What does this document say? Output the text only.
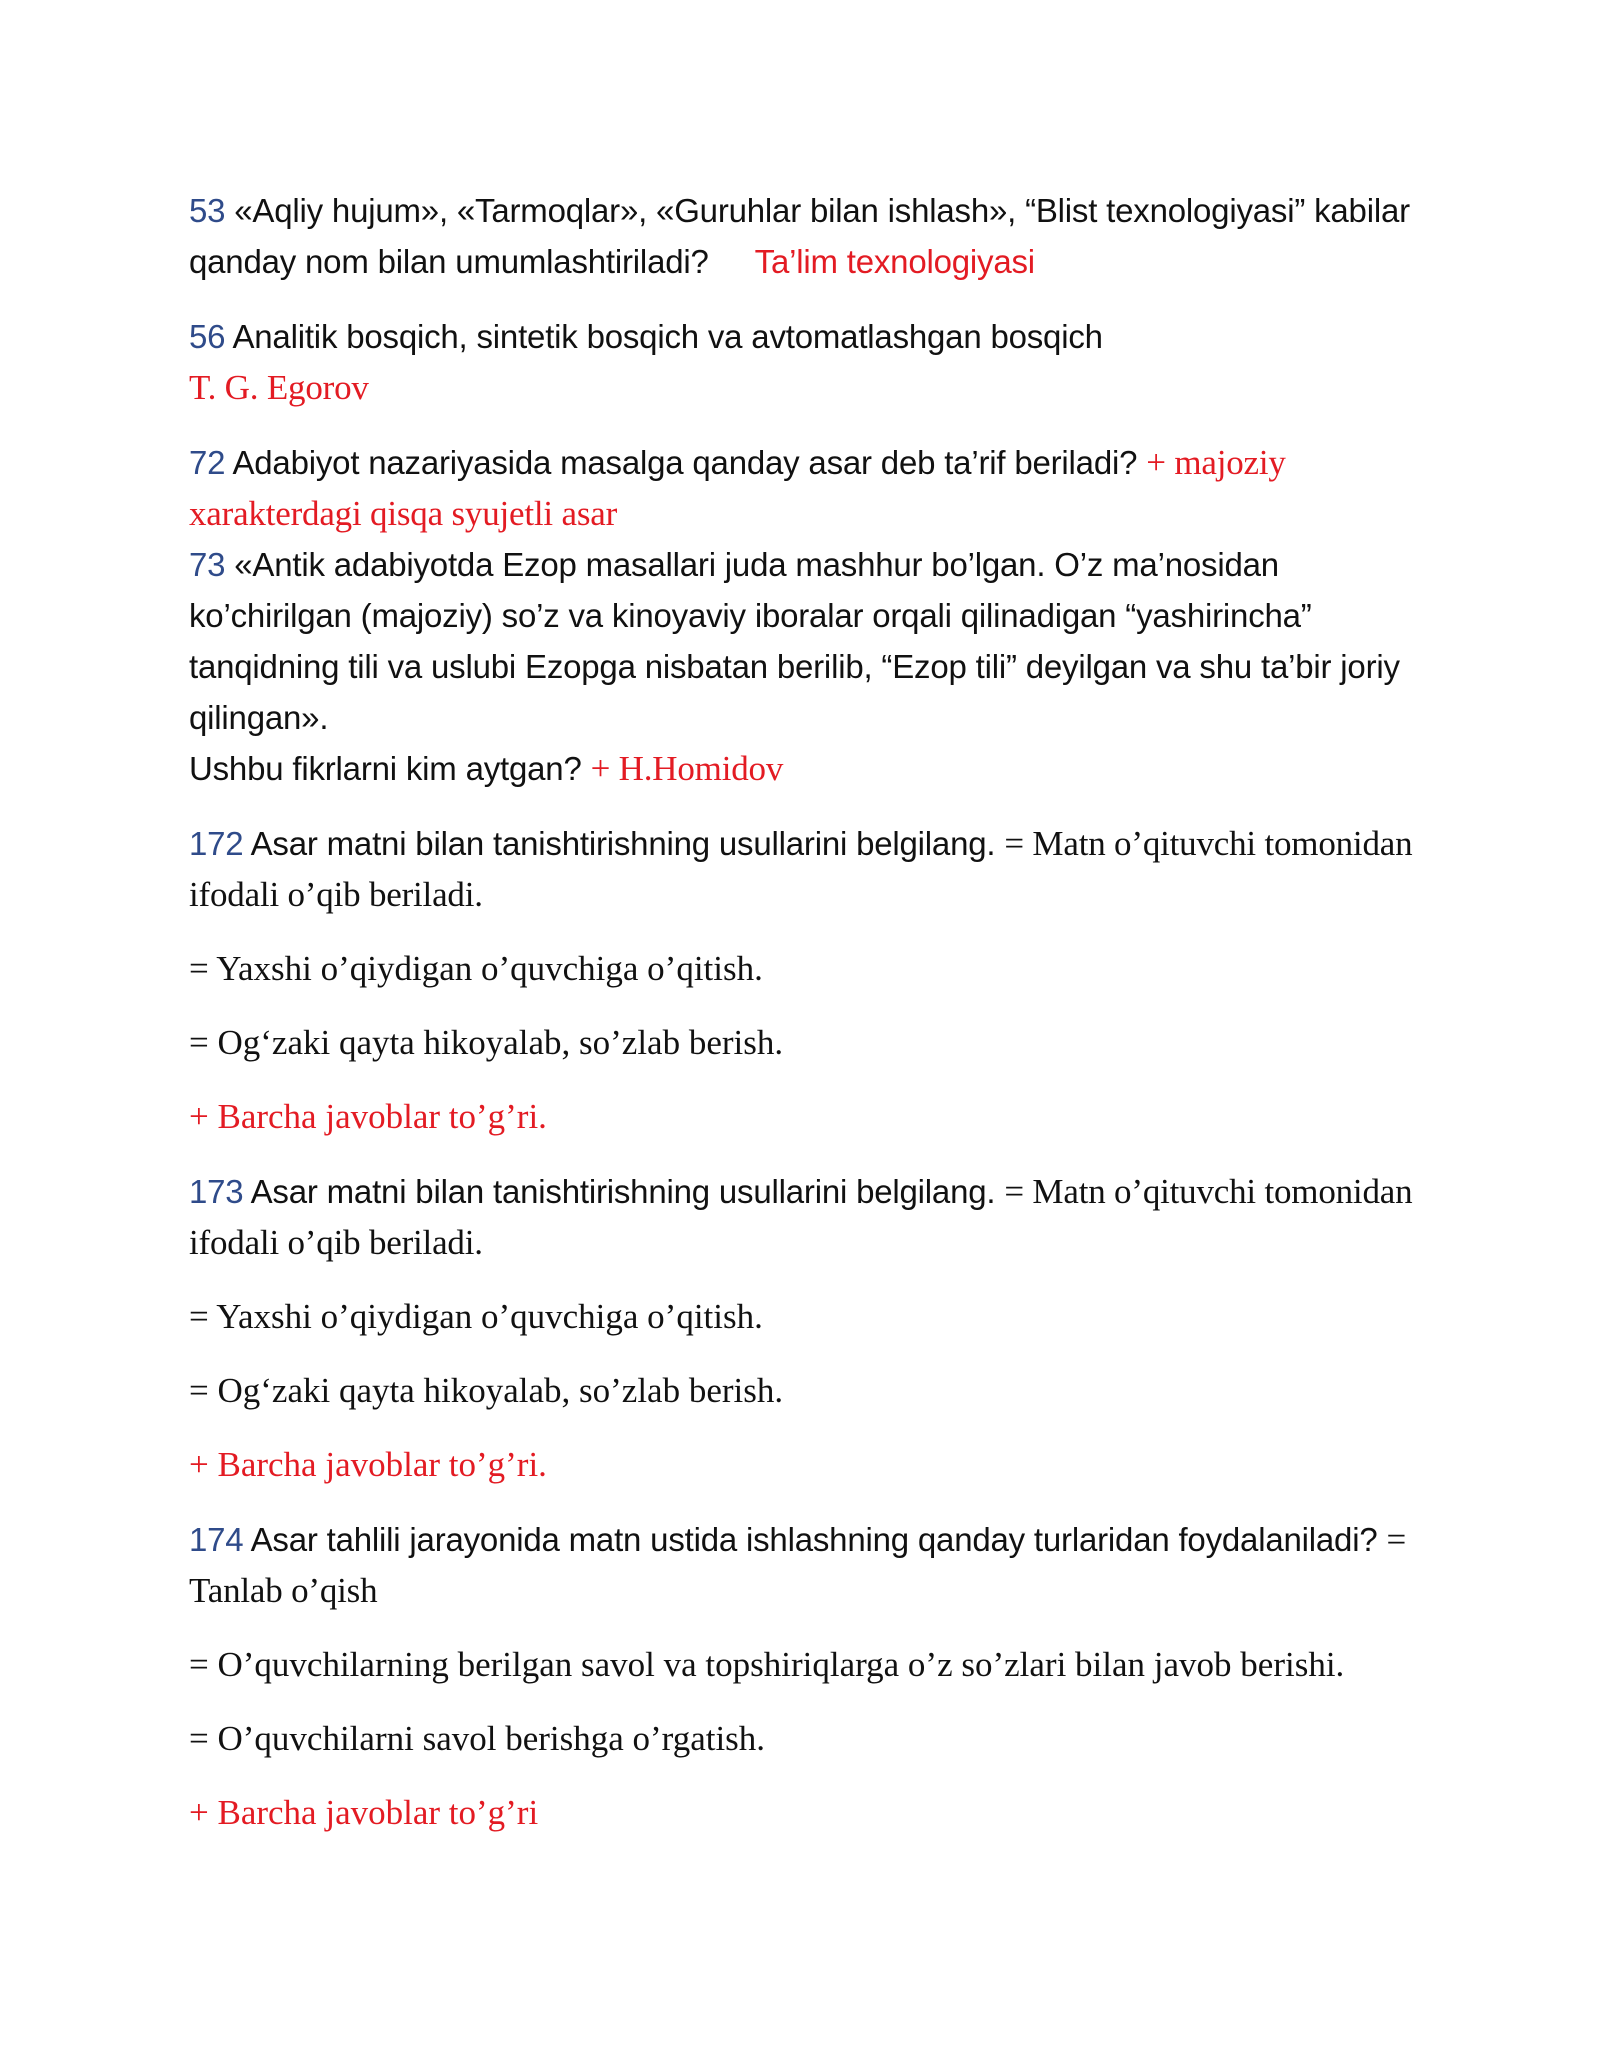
53 «Aqliy hujum», «Tarmoqlar», «Guruhlar bilan ishlash», “Blist texnologiyasi” kabilar qanday nom bilan umumlashtiriladi? Ta’lim texnologiyasi

56 Analitik bosqich, sintetik bosqich va avtomatlashgan bosqich

T. G. Egorov

72 Adabiyot nazariyasida masalga qanday asar deb ta’rif beriladi? + majoziy xarakterdagi qisqa syujetli asar

73 «Antik adabiyotda Ezop masallari juda mashhur bo’lgan. O’z ma’nosidan ko’chirilgan (majoziy) so’z va kinoyaviy iboralar orqali qilinadigan “yashirincha” tanqidning tili va uslubi Ezopga nisbatan berilib, “Ezop tili” deyilgan va shu ta’bir joriy qilingan».

Ushbu fikrlarni kim aytgan? + H.Homidov

172 Asar matni bilan tanishtirishning usullarini belgilang. = Matn o’qituvchi tomonidan ifodali o’qib beriladi.

= Yaxshi o’qiydigan o’quvchiga o’qitish.

= Og‘zaki qayta hikoyalab, so’zlab berish.

+ Barcha javoblar to’g’ri.

173 Asar matni bilan tanishtirishning usullarini belgilang. = Matn o’qituvchi tomonidan ifodali o’qib beriladi.

= Yaxshi o’qiydigan o’quvchiga o’qitish.

= Og‘zaki qayta hikoyalab, so’zlab berish.

+ Barcha javoblar to’g’ri.

174 Asar tahlili jarayonida matn ustida ishlashning qanday turlaridan foydalaniladi? = Tanlab o’qish

= O’quvchilarning berilgan savol va topshiriqlarga o’z so’zlari bilan javob berishi.

= O’quvchilarni savol berishga o’rgatish.

+ Barcha javoblar to’g’ri
